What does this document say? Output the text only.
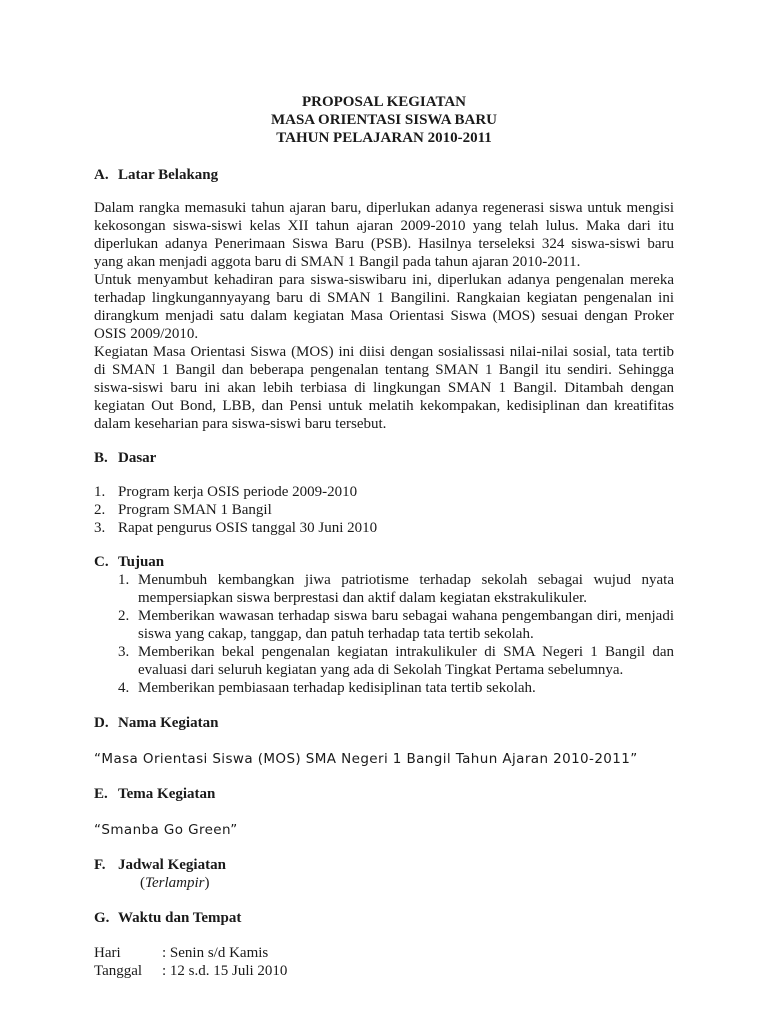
PROPOSAL KEGIATAN
MASA ORIENTASI SISWA BARU
TAHUN PELAJARAN 2010-2011
A. Latar Belakang

Dalam rangka memasuki tahun ajaran baru, diperlukan adanya regenerasi siswa untuk mengisi kekosongan siswa-siswi kelas XII tahun ajaran 2009-2010 yang telah lulus. Maka dari itu diperlukan adanya Penerimaan Siswa Baru (PSB). Hasilnya terseleksi 324 siswa-siswi baru yang akan menjadi aggota baru di SMAN 1 Bangil pada tahun ajaran 2010-2011.

Untuk menyambut kehadiran para siswa-siswibaru ini, diperlukan adanya pengenalan mereka terhadap lingkungannyayang baru di SMAN 1 Bangilini. Rangkaian kegiatan pengenalan ini dirangkum menjadi satu dalam kegiatan Masa Orientasi Siswa (MOS) sesuai dengan Proker OSIS 2009/2010.

Kegiatan Masa Orientasi Siswa (MOS) ini diisi dengan sosialissasi nilai-nilai sosial, tata tertib di SMAN 1 Bangil dan beberapa pengenalan tentang SMAN 1 Bangil itu sendiri. Sehingga siswa-siswi baru ini akan lebih terbiasa di lingkungan SMAN 1 Bangil. Ditambah dengan kegiatan Out Bond, LBB, dan Pensi untuk melatih kekompakan, kedisiplinan dan kreatifitas dalam keseharian para siswa-siswi baru tersebut.

B. Dasar
1. Program kerja OSIS periode 2009-2010
2. Program SMAN 1 Bangil
3. Rapat pengurus OSIS tanggal 30 Juni 2010
C. Tujuan
1. Menumbuh kembangkan jiwa patriotisme terhadap sekolah sebagai wujud nyata mempersiapkan siswa berprestasi dan aktif dalam kegiatan ekstrakulikuler.
2. Memberikan wawasan terhadap siswa baru sebagai wahana pengembangan diri, menjadi siswa yang cakap, tanggap, dan patuh terhadap tata tertib sekolah.
3. Memberikan bekal pengenalan kegiatan intrakulikuler di SMA Negeri 1 Bangil dan evaluasi dari seluruh kegiatan yang ada di Sekolah Tingkat Pertama sebelumnya.
4. Memberikan pembiasaan terhadap kedisiplinan tata tertib sekolah.
D. Nama Kegiatan
“Masa Orientasi Siswa (MOS) SMA Negeri 1 Bangil Tahun Ajaran 2010-2011”
E. Tema Kegiatan
“Smanba Go Green”
F. Jadwal Kegiatan
(Terlampir)
G. Waktu dan Tempat
Hari	: Senin s/d Kamis
Tanggal	: 12 s.d. 15 Juli 2010
